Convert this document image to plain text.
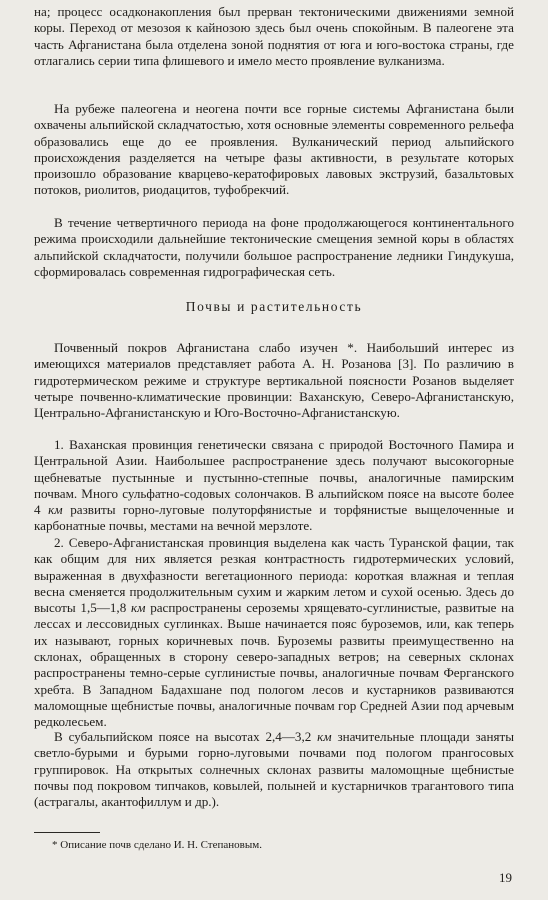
на; процесс осадконакопления был прерван тектоническими движениями земной коры. Переход от мезозоя к кайнозою здесь был очень спокойным. В палеогене эта часть Афганистана была отделена зоной поднятия от юга и юго-востока страны, где отлагались серии типа флишевого и имело место проявление вулканизма.

На рубеже палеогена и неогена почти все горные системы Афганистана были охвачены альпийской складчатостью, хотя основные элементы современного рельефа образовались еще до ее проявления. Вулканический период альпийского происхождения разделяется на четыре фазы активности, в результате которых произошло образование кварцево-кератофировых лавовых экструзий, базальтовых потоков, риолитов, риодацитов, туфобрекчий.

В течение четвертичного периода на фоне продолжающегося континентального режима происходили дальнейшие тектонические смещения земной коры в областях альпийской складчатости, получили большое распространение ледники Гиндукуша, сформировалась современная гидрографическая сеть.

Почвы и растительность

Почвенный покров Афганистана слабо изучен *. Наибольший интерес из имеющихся материалов представляет работа А. Н. Розанова [3]. По различию в гидротермическом режиме и структуре вертикальной поясности Розанов выделяет четыре почвенно-климатические провинции: Ваханскую, Северо-Афганистанскую, Центрально-Афганистанскую и Юго-Восточно-Афганистанскую.

1. Ваханская провинция генетически связана с природой Восточного Памира и Центральной Азии. Наибольшее распространение здесь получают высокогорные щебневатые пустынные и пустынно-степные почвы, аналогичные памирским почвам. Много сульфатно-содовых солончаков. В альпийском поясе на высоте более 4 км развиты горно-луговые полуторфянистые и торфянистые выщелоченные и карбонатные почвы, местами на вечной мерзлоте.

2. Северо-Афганистанская провинция выделена как часть Туранской фации, так как общим для них является резкая контрастность гидротермических условий, выраженная в двухфазности вегетационного периода: короткая влажная и теплая весна сменяется продолжительным сухим и жарким летом и сухой осенью. Здесь до высоты 1,5—1,8 км распространены сероземы хрящевато-суглинистые, развитые на лессах и лессовидных суглинках. Выше начинается пояс буроземов, или, как теперь их называют, горных коричневых почв. Буроземы развиты преимущественно на склонах, обращенных в сторону северо-западных ветров; на северных склонах распространены темно-серые суглинистые почвы, аналогичные почвам Ферганского хребта. В Западном Бадахшане под пологом лесов и кустарников развиваются маломощные щебнистые почвы, аналогичные почвам гор Средней Азии под арчевым редколесьем.

В субальпийском поясе на высотах 2,4—3,2 км значительные площади заняты светло-бурыми и бурыми горно-луговыми почвами под пологом прангосовых группировок. На открытых солнечных склонах развиты маломощные щебнистые почвы под покровом типчаков, ковылей, полыней и кустарничков трагантового типа (астрагалы, акантофиллум и др.).

* Описание почв сделано И. Н. Степановым.
19
